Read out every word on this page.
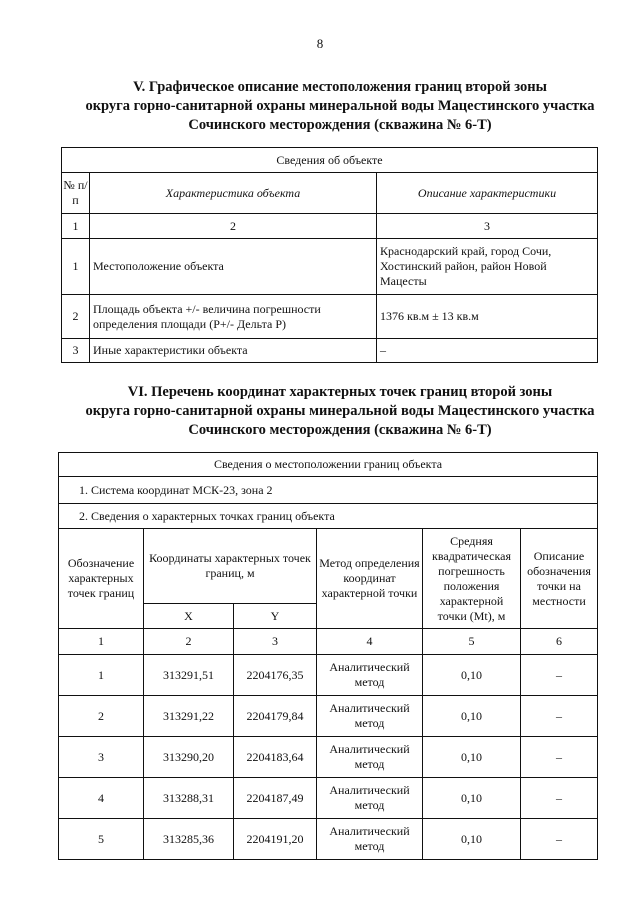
8
V. Графическое описание местоположения границ второй зоны
округа горно-санитарной охраны минеральной воды Мацестинского участка
Сочинского месторождения (скважина № 6-Т)
Сведения об объекте		
№ п/п	Характеристика объекта	Описание характеристики
1	2	3
1	Местоположение объекта	Краснодарский край, город Сочи, Хостинский район, район Новой Мацесты
2	Площадь объекта +/- величина погрешности определения площади (Р+/- Дельта Р)	1376 кв.м ± 13 кв.м
3	Иные характеристики объекта	–
VI. Перечень координат характерных точек границ второй зоны
округа горно-санитарной охраны минеральной воды Мацестинского участка
Сочинского месторождения (скважина № 6-Т)
Сведения о местоположении границ объекта					
1. Система координат МСК-23, зона 2					
2. Сведения о характерных точках границ объекта					
Обозначение характерных точек границ	Координаты характерных точек границ, м		Метод определения координат характерной точки	Средняя квадратическая погрешность положения характерной точки (Mt), м	Описание обозначения точки на местности
	X	Y			
1	2	3	4	5	6
1	313291,51	2204176,35	Аналитический метод	0,10	–
2	313291,22	2204179,84	Аналитический метод	0,10	–
3	313290,20	2204183,64	Аналитический метод	0,10	–
4	313288,31	2204187,49	Аналитический метод	0,10	–
5	313285,36	2204191,20	Аналитический метод	0,10	–
